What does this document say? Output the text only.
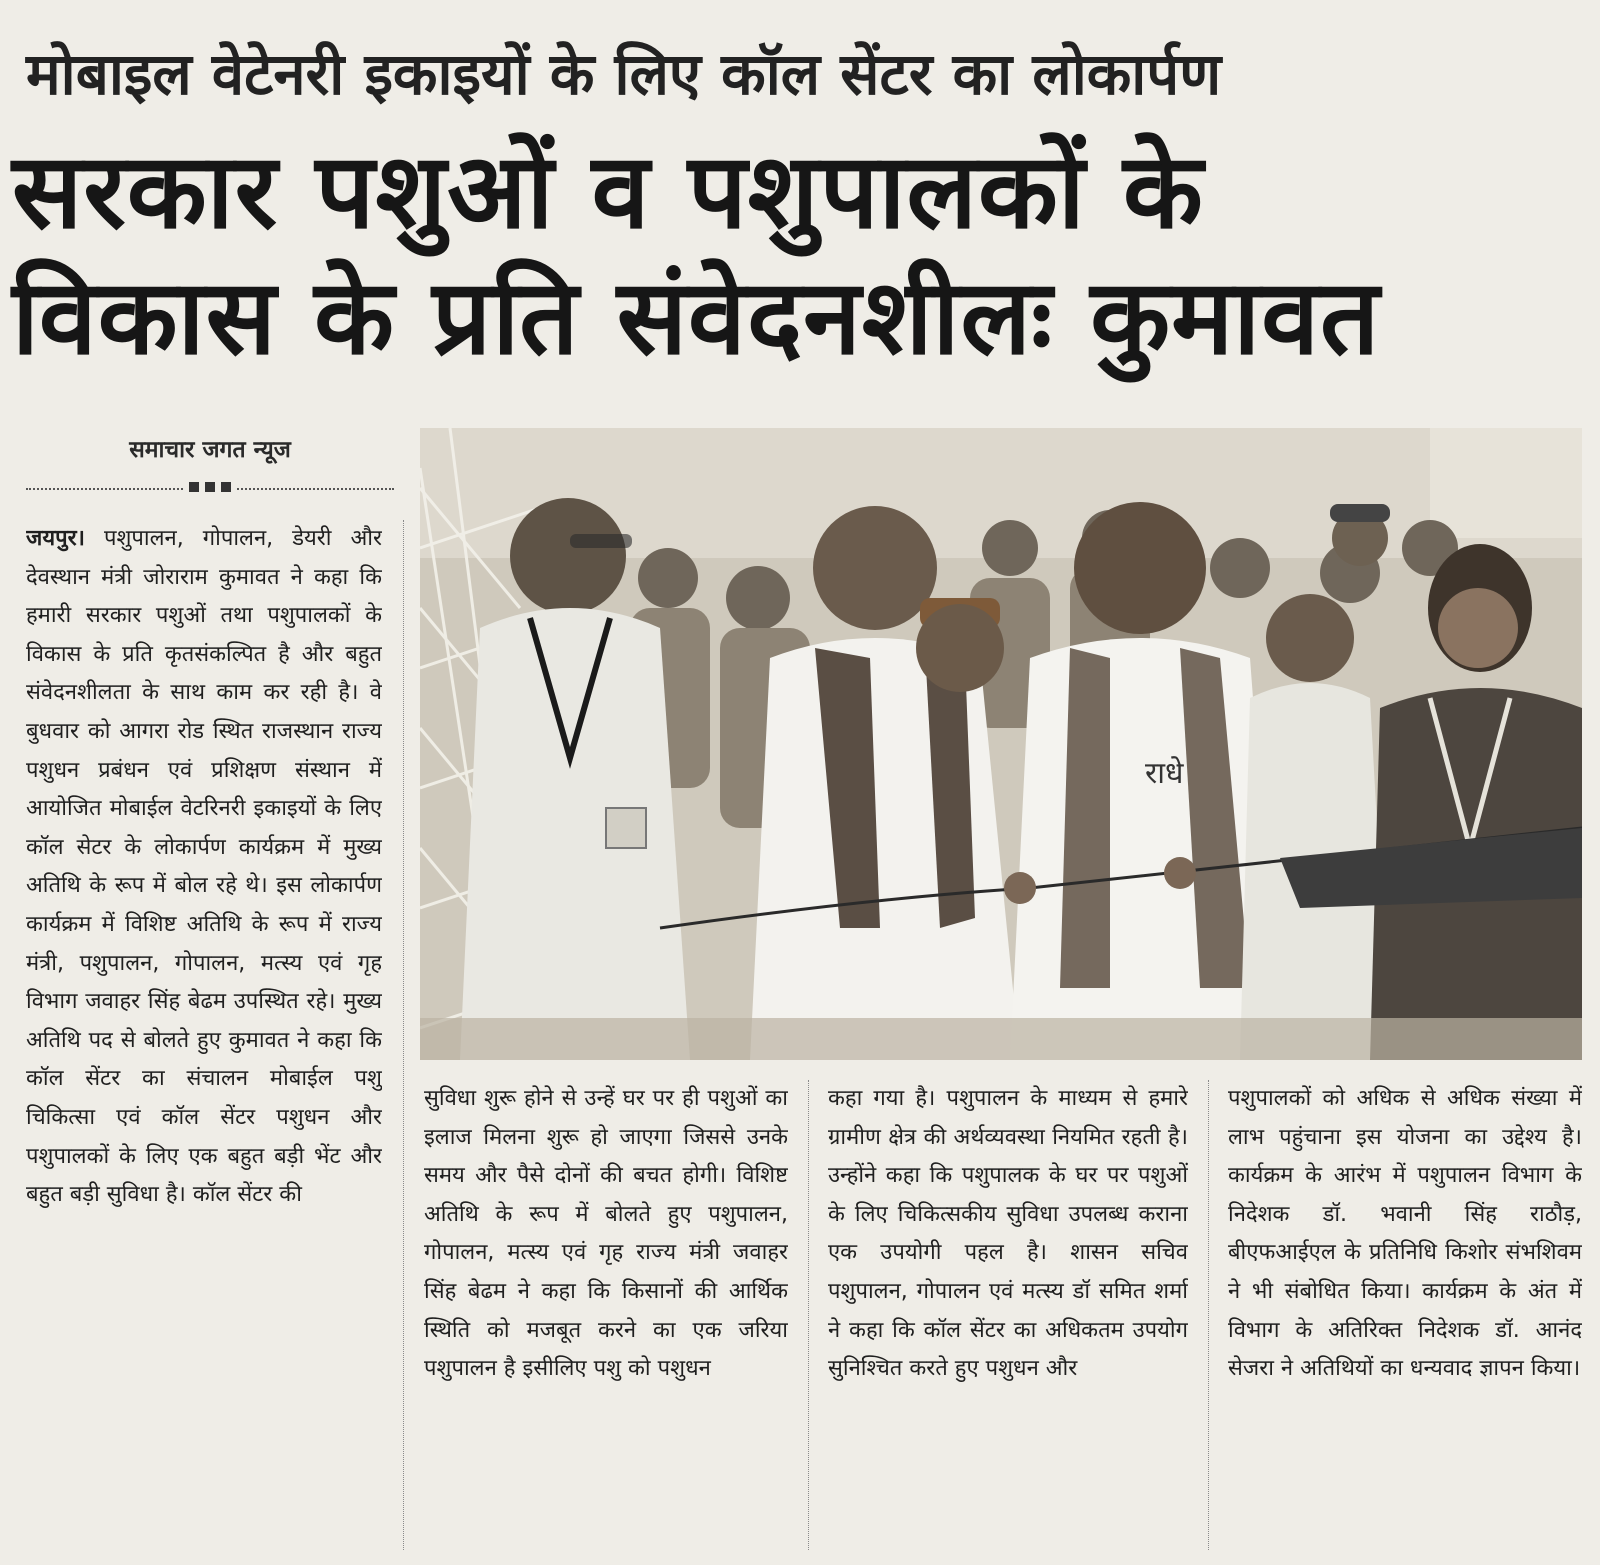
मोबाइल वेटेनरी इकाइयों के लिए कॉल सेंटर का लोकार्पण
सरकार पशुओं व पशुपालकों के
विकास के प्रति संवेदनशीलः कुमावत
समाचार जगत न्यूज
जयपुर। पशुपालन, गोपालन, डेयरी और देवस्थान मंत्री जोराराम कुमावत ने कहा कि हमारी सरकार पशुओं तथा पशुपालकों के विकास के प्रति कृतसंकल्पित है और बहुत संवेदनशीलता के साथ काम कर रही है। वे बुधवार को आगरा रोड स्थित राजस्थान राज्य पशुधन प्रबंधन एवं प्रशिक्षण संस्थान में आयोजित मोबाईल वेटरिनरी इकाइयों के लिए कॉल सेटर के लोकार्पण कार्यक्रम में मुख्य अतिथि के रूप में बोल रहे थे। इस लोकार्पण कार्यक्रम में विशिष्ट अतिथि के रूप में राज्य मंत्री, पशुपालन, गोपालन, मत्स्य एवं गृह विभाग जवाहर सिंह बेढम उपस्थित रहे। मुख्य अतिथि पद से बोलते हुए कुमावत ने कहा कि कॉल सेंटर का संचालन मोबाईल पशु चिकित्सा एवं कॉल सेंटर पशुधन और पशुपालकों के लिए एक बहुत बड़ी भेंट और बहुत बड़ी सुविधा है। कॉल सेंटर की
राधे
सुविधा शुरू होने से उन्हें घर पर ही पशुओं का इलाज मिलना शुरू हो जाएगा जिससे उनके समय और पैसे दोनों की बचत होगी। विशिष्ट अतिथि के रूप में बोलते हुए पशुपालन, गोपालन, मत्स्य एवं गृह राज्य मंत्री जवाहर सिंह बेढम ने कहा कि किसानों की आर्थिक स्थिति को मजबूत करने का एक जरिया पशुपालन है इसीलिए पशु को पशुधन
कहा गया है। पशुपालन के माध्यम से हमारे ग्रामीण क्षेत्र की अर्थव्यवस्था नियमित रहती है। उन्होंने कहा कि पशुपालक के घर पर पशुओं के लिए चिकित्सकीय सुविधा उपलब्ध कराना एक उपयोगी पहल है। शासन सचिव पशुपालन, गोपालन एवं मत्स्य डॉ समित शर्मा ने कहा कि कॉल सेंटर का अधिकतम उपयोग सुनिश्चित करते हुए पशुधन और
पशुपालकों को अधिक से अधिक संख्या में लाभ पहुंचाना इस योजना का उद्देश्य है। कार्यक्रम के आरंभ में पशुपालन विभाग के निदेशक डॉ. भवानी सिंह राठौड़, बीएफआईएल के प्रतिनिधि किशोर संभशिवम ने भी संबोधित किया। कार्यक्रम के अंत में विभाग के अतिरिक्त निदेशक डॉ. आनंद सेजरा ने अतिथियों का धन्यवाद ज्ञापन किया।
